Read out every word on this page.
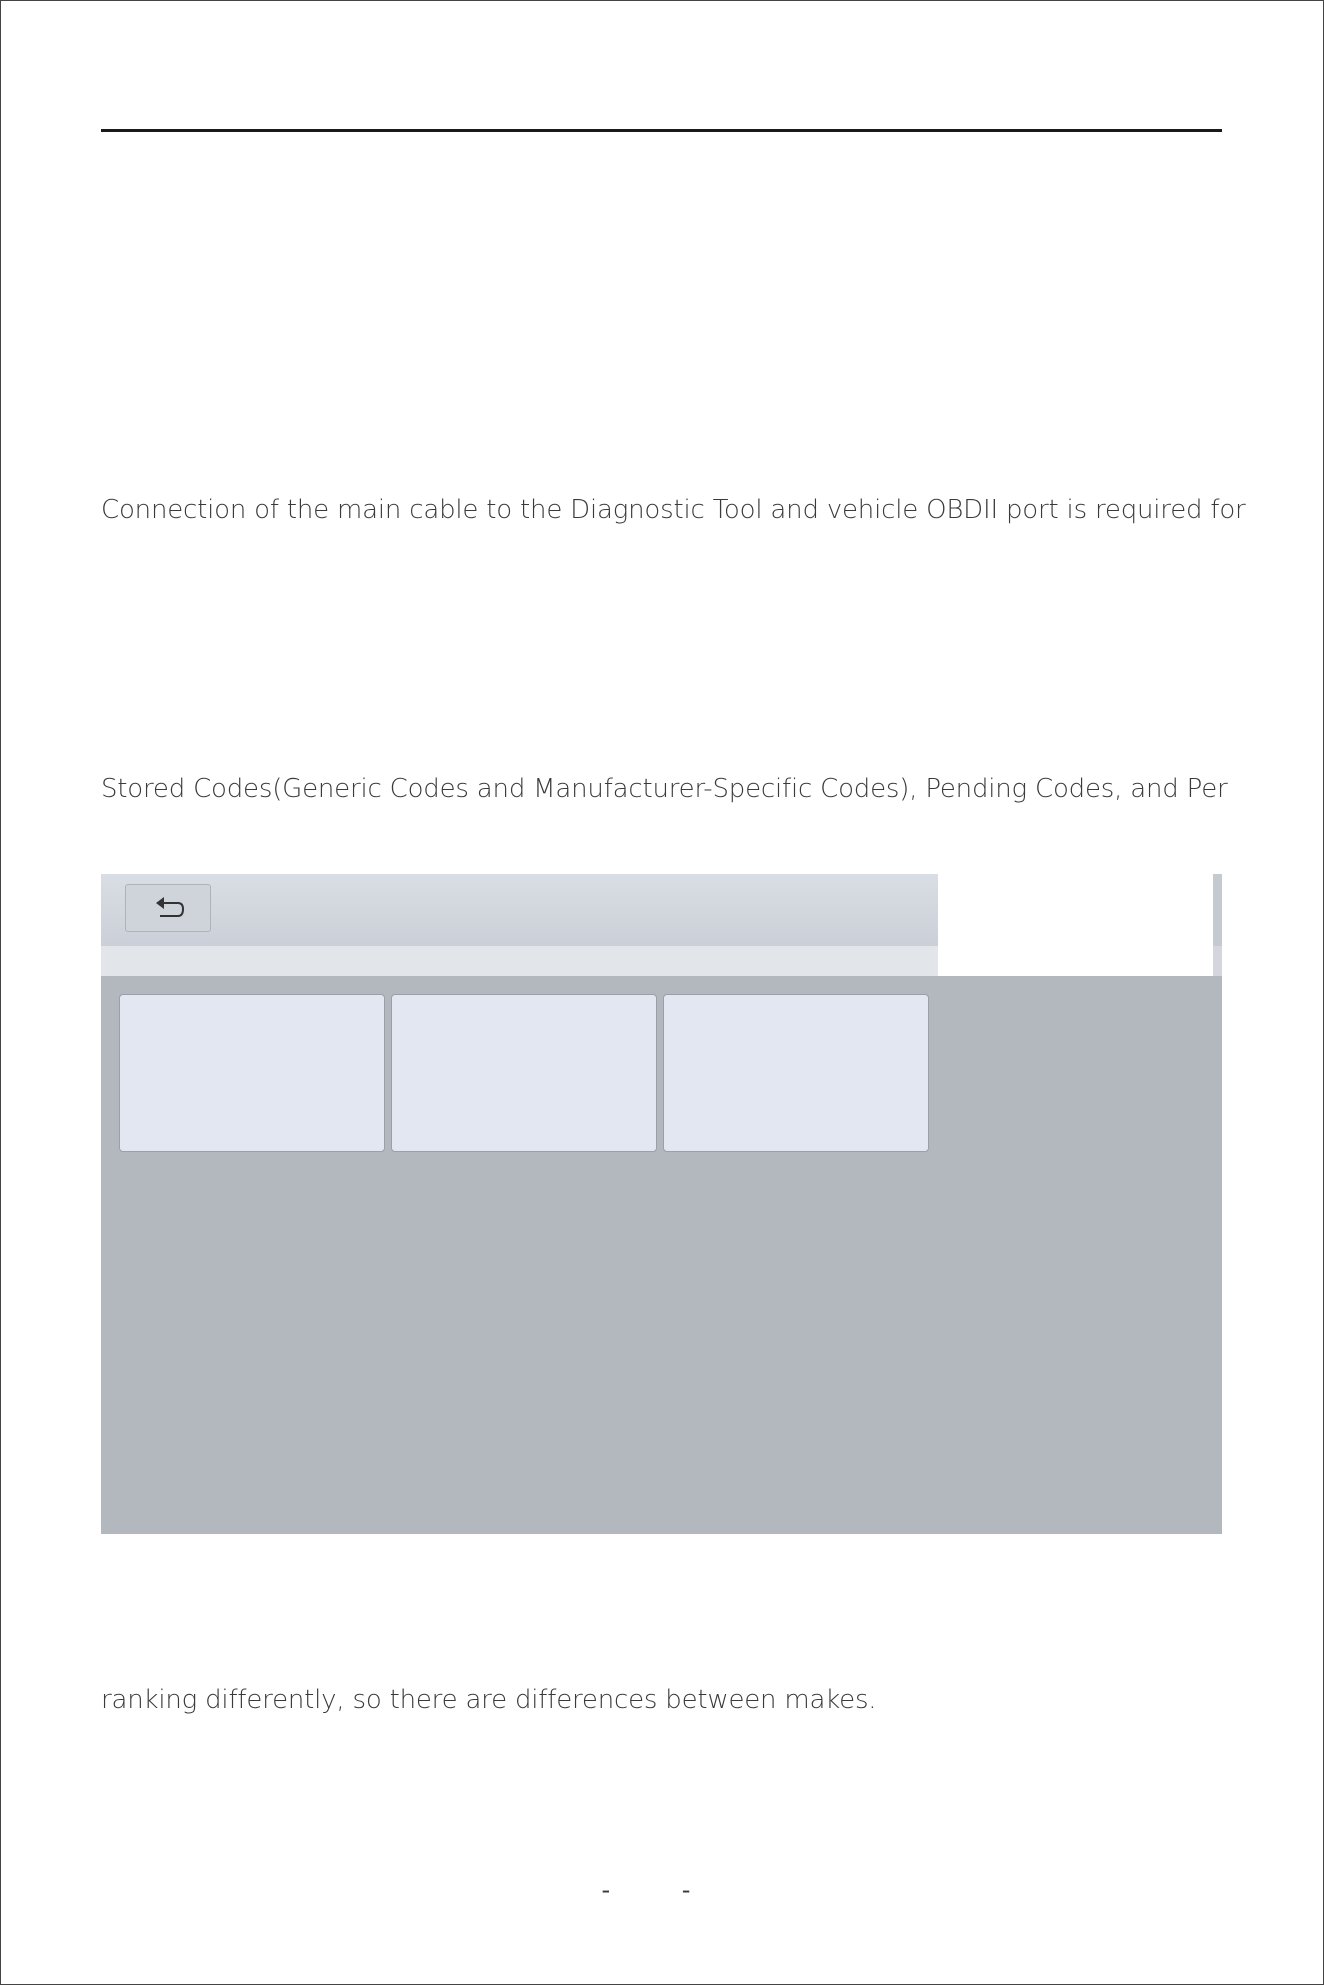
Connection of the main cable to the Diagnostic Tool and vehicle OBDII port is required for

Stored Codes(Generic Codes and Manufacturer-Specific Codes), Pending Codes, and Per

ranking differently, so there are differences between makes.

- -
